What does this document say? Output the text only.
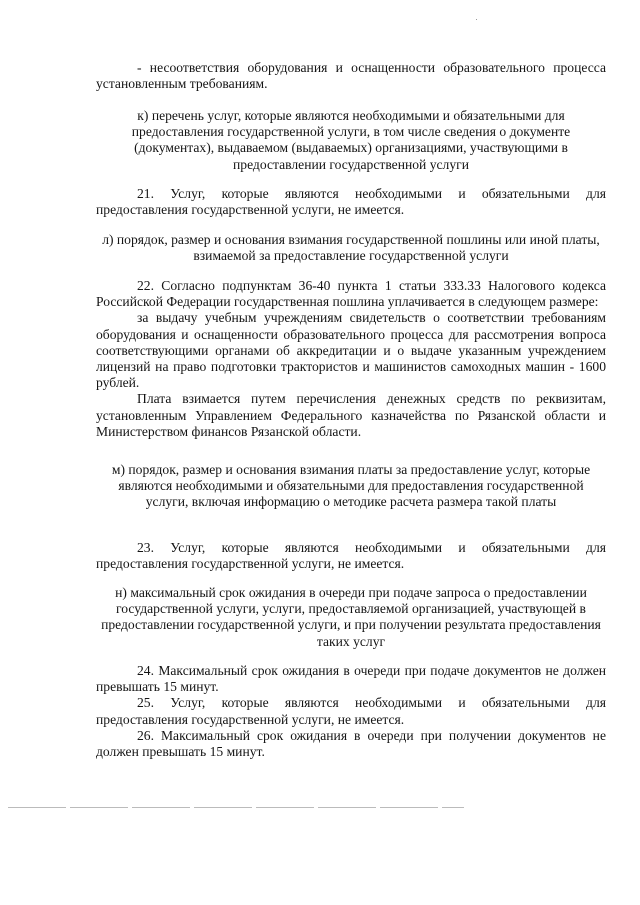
- несоответствия оборудования и оснащенности образовательного процесса установленным требованиям.
к) перечень услуг, которые являются необходимыми и обязательными для предоставления государственной услуги, в том числе сведения о документе (документах), выдаваемом (выдаваемых) организациями, участвующими в предоставлении государственной услуги
21. Услуг, которые являются необходимыми и обязательными для предоставления государственной услуги, не имеется.
л) порядок, размер и основания взимания государственной пошлины или иной платы, взимаемой за предоставление государственной услуги

22. Согласно подпунктам 36-40 пункта 1 статьи 333.33 Налогового кодекса Российской Федерации государственная пошлина уплачивается в следующем размере:

за выдачу учебным учреждениям свидетельств о соответствии требованиям оборудования и оснащенности образовательного процесса для рассмотрения вопроса соответствующими органами об аккредитации и о выдаче указанным учреждением лицензий на право подготовки трактористов и машинистов самоходных машин - 1600 рублей.

Плата взимается путем перечисления денежных средств по реквизитам, установленным Управлением Федерального казначейства по Рязанской области и Министерством финансов Рязанской области.

м) порядок, размер и основания взимания платы за предоставление услуг, которые являются необходимыми и обязательными для предоставления государственной услуги, включая информацию о методике расчета размера такой платы
23. Услуг, которые являются необходимыми и обязательными для предоставления государственной услуги, не имеется.
н) максимальный срок ожидания в очереди при подаче запроса о предоставлении государственной услуги, услуги, предоставляемой организацией, участвующей в предоставлении государственной услуги, и при получении результата предоставления таких услуг

24. Максимальный срок ожидания в очереди при подаче документов не должен превышать 15 минут.

25. Услуг, которые являются необходимыми и обязательными для предоставления государственной услуги, не имеется.

26. Максимальный срок ожидания в очереди при получении документов не должен превышать 15 минут.
